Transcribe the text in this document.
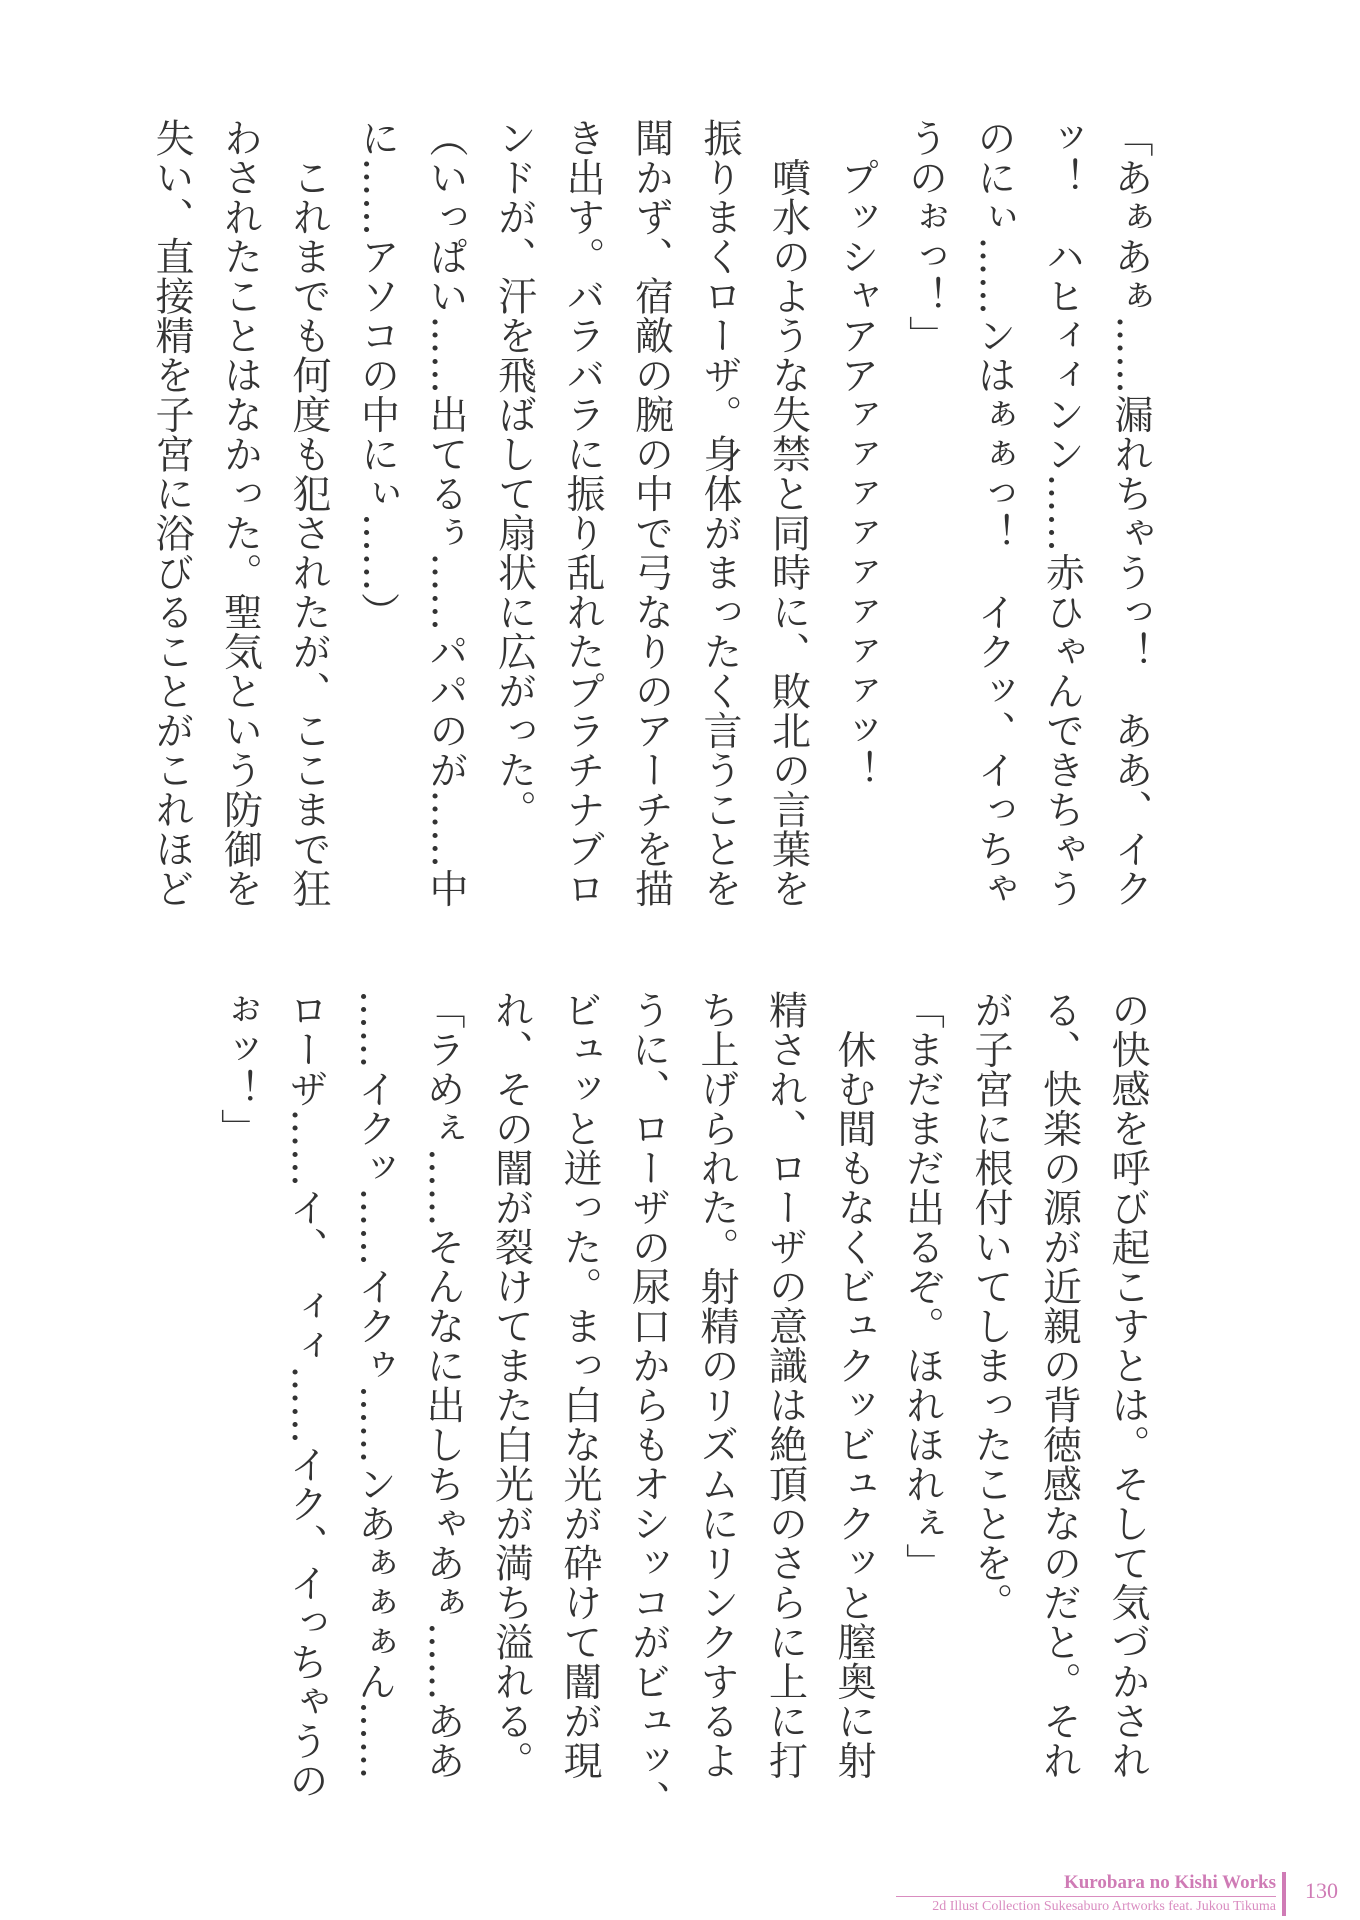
「あぁあぁ……漏れちゃうっ！　ああ、イク
ッ！　ハヒィィンン……赤ひゃんできちゃう
のにぃ……ンはぁぁっ！　イクッ、イっちゃ
うのぉっ！」
　プッシャアアァァァァァァァァッ！
　噴水のような失禁と同時に、敗北の言葉を
振りまくローザ。身体がまったく言うことを
聞かず、宿敵の腕の中で弓なりのアーチを描
き出す。バラバラに振り乱れたプラチナブロ
ンドが、汗を飛ばして扇状に広がった。
（いっぱい……出てるぅ……パパのが……中
に……アソコの中にぃ……）
　これまでも何度も犯されたが、ここまで狂
わされたことはなかった。聖気という防御を
失い、直接精を子宮に浴びることがこれほど
の快感を呼び起こすとは。そして気づかされ
る、快楽の源が近親の背徳感なのだと。それ
が子宮に根付いてしまったことを。
「まだまだ出るぞ。ほれほれぇ」
　休む間もなくビュクッビュクッと膣奥に射
精され、ローザの意識は絶頂のさらに上に打
ち上げられた。射精のリズムにリンクするよ
うに、ローザの尿口からもオシッコがビュッ、
ビュッと迸った。まっ白な光が砕けて闇が現
れ、その闇が裂けてまた白光が満ち溢れる。
「ラめぇ……そんなに出しちゃあぁ……ああ
……イクッ……イクゥ……ンあぁぁぁん……
ローザ……イ、　ィィ……イク、イっちゃうの
ぉッ！」
Kurobara no Kishi Works
2d Illust Collection Sukesaburo Artworks feat. Jukou Tikuma
130
